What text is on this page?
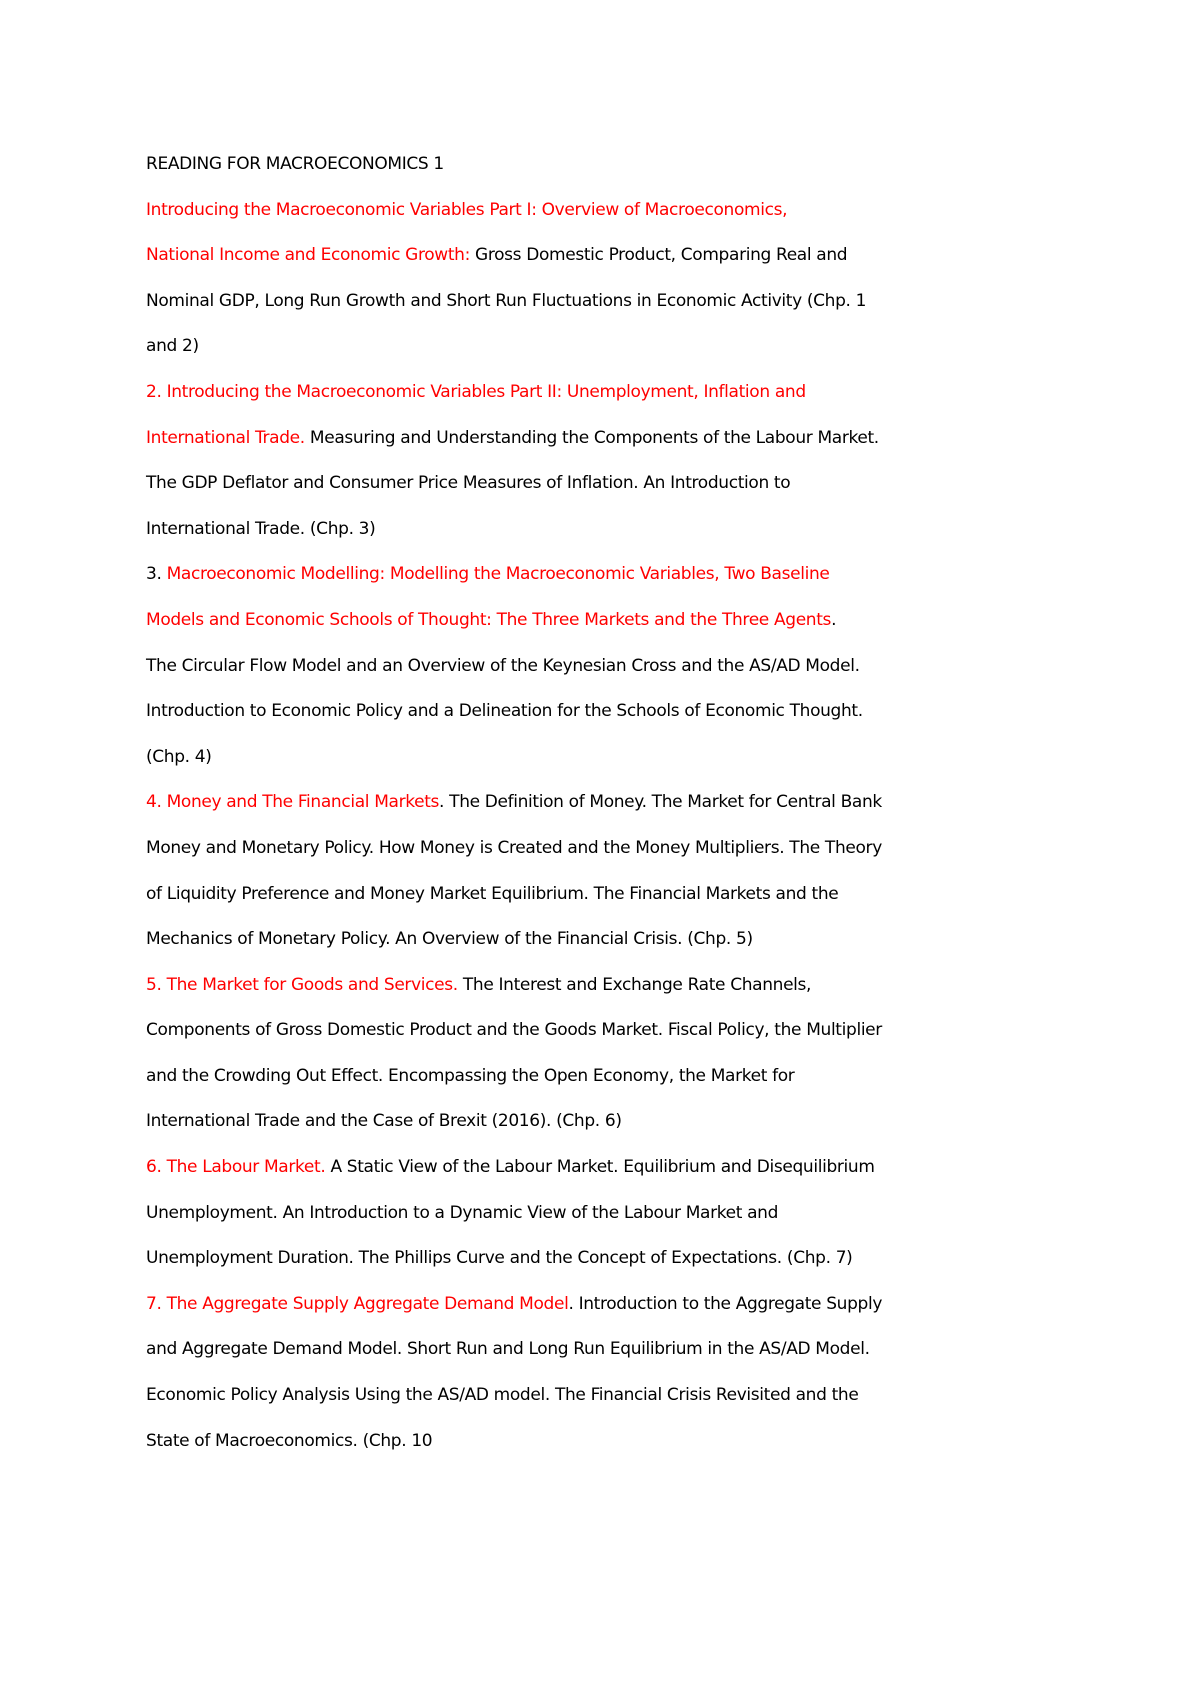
READING FOR MACROECONOMICS 1
Introducing the Macroeconomic Variables Part I: Overview of Macroeconomics,
National Income and Economic Growth: Gross Domestic Product, Comparing Real and
Nominal GDP, Long Run Growth and Short Run Fluctuations in Economic Activity (Chp. 1
and 2)
2. Introducing the Macroeconomic Variables Part II: Unemployment, Inflation and
International Trade. Measuring and Understanding the Components of the Labour Market.
The GDP Deflator and Consumer Price Measures of Inflation. An Introduction to
International Trade. (Chp. 3)
3. Macroeconomic Modelling: Modelling the Macroeconomic Variables, Two Baseline
Models and Economic Schools of Thought: The Three Markets and the Three Agents.
The Circular Flow Model and an Overview of the Keynesian Cross and the AS/AD Model.
Introduction to Economic Policy and a Delineation for the Schools of Economic Thought.
(Chp. 4)
4. Money and The Financial Markets. The Definition of Money. The Market for Central Bank
Money and Monetary Policy. How Money is Created and the Money Multipliers. The Theory
of Liquidity Preference and Money Market Equilibrium. The Financial Markets and the
Mechanics of Monetary Policy. An Overview of the Financial Crisis. (Chp. 5)
5. The Market for Goods and Services. The Interest and Exchange Rate Channels,
Components of Gross Domestic Product and the Goods Market. Fiscal Policy, the Multiplier
and the Crowding Out Effect. Encompassing the Open Economy, the Market for
International Trade and the Case of Brexit (2016). (Chp. 6)
6. The Labour Market. A Static View of the Labour Market. Equilibrium and Disequilibrium
Unemployment. An Introduction to a Dynamic View of the Labour Market and
Unemployment Duration. The Phillips Curve and the Concept of Expectations. (Chp. 7)
7. The Aggregate Supply Aggregate Demand Model. Introduction to the Aggregate Supply
and Aggregate Demand Model. Short Run and Long Run Equilibrium in the AS/AD Model.
Economic Policy Analysis Using the AS/AD model. The Financial Crisis Revisited and the
State of Macroeconomics. (Chp. 10
